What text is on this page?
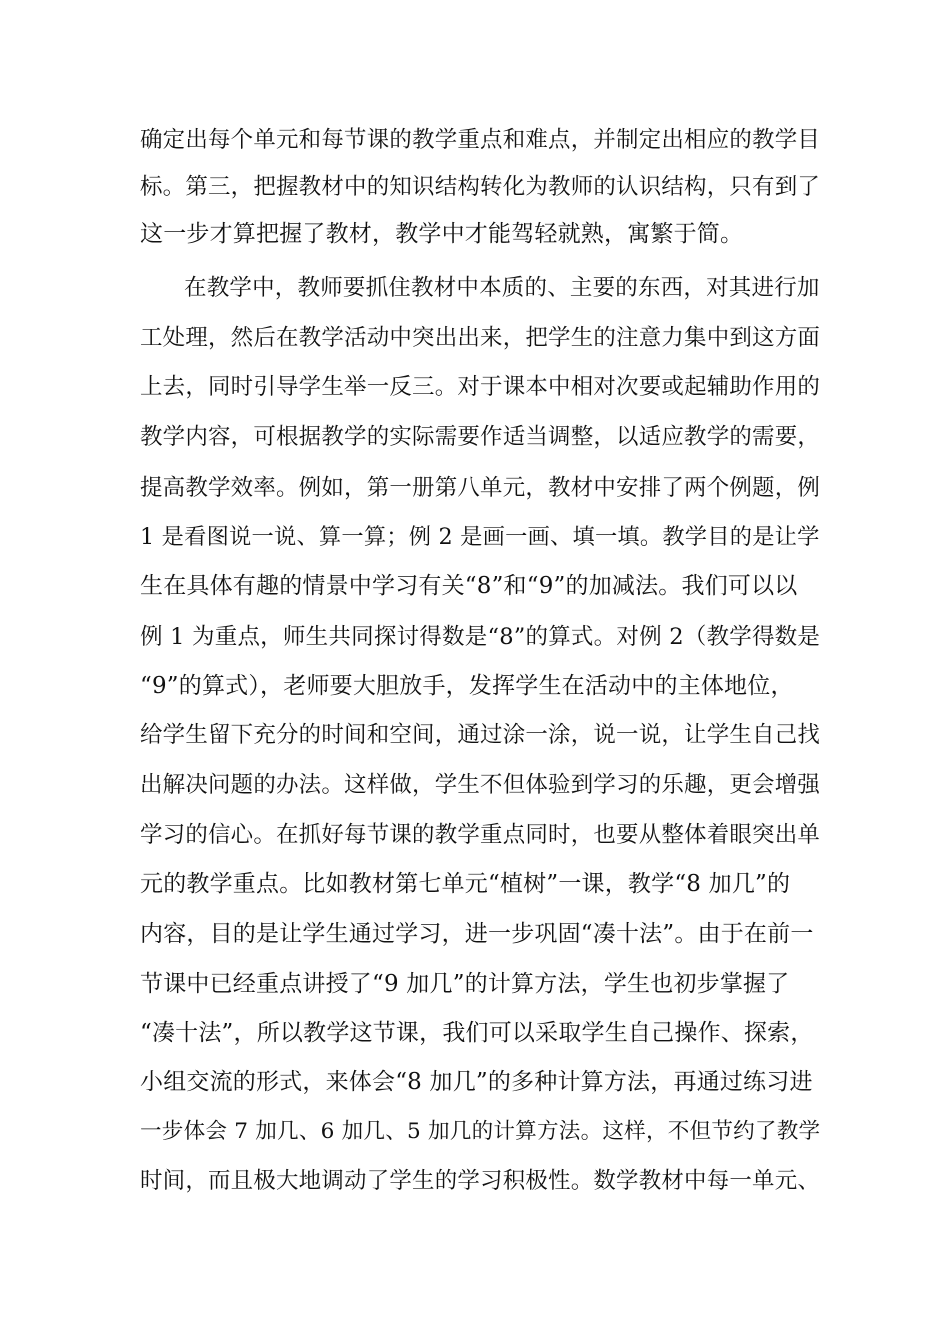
确定出每个单元和每节课的教学重点和难点，并制定出相应的教学目
标。第三，把握教材中的知识结构转化为教师的认识结构，只有到了
这一步才算把握了教材，教学中才能驾轻就熟，寓繁于简。
在教学中，教师要抓住教材中本质的、主要的东西，对其进行加
工处理，然后在教学活动中突出出来，把学生的注意力集中到这方面
上去，同时引导学生举一反三。对于课本中相对次要或起辅助作用的
教学内容，可根据教学的实际需要作适当调整，以适应教学的需要，
提高教学效率。例如，第一册第八单元，教材中安排了两个例题，例
1 是看图说一说、算一算；例 2 是画一画、填一填。教学目的是让学
生在具体有趣的情景中学习有关“8”和“9”的加减法。我们可以以
例 1 为重点，师生共同探讨得数是“8”的算式。对例 2（教学得数是
“9”的算式），老师要大胆放手，发挥学生在活动中的主体地位，
给学生留下充分的时间和空间，通过涂一涂，说一说，让学生自己找
出解决问题的办法。这样做，学生不但体验到学习的乐趣，更会增强
学习的信心。在抓好每节课的教学重点同时，也要从整体着眼突出单
元的教学重点。比如教材第七单元“植树”一课，教学“8 加几”的
内容，目的是让学生通过学习，进一步巩固“凑十法”。由于在前一
节课中已经重点讲授了“9 加几”的计算方法，学生也初步掌握了
“凑十法”，所以教学这节课，我们可以采取学生自己操作、探索，
小组交流的形式，来体会“8 加几”的多种计算方法，再通过练习进
一步体会 7 加几、6 加几、5 加几的计算方法。这样，不但节约了教学
时间，而且极大地调动了学生的学习积极性。数学教材中每一单元、
